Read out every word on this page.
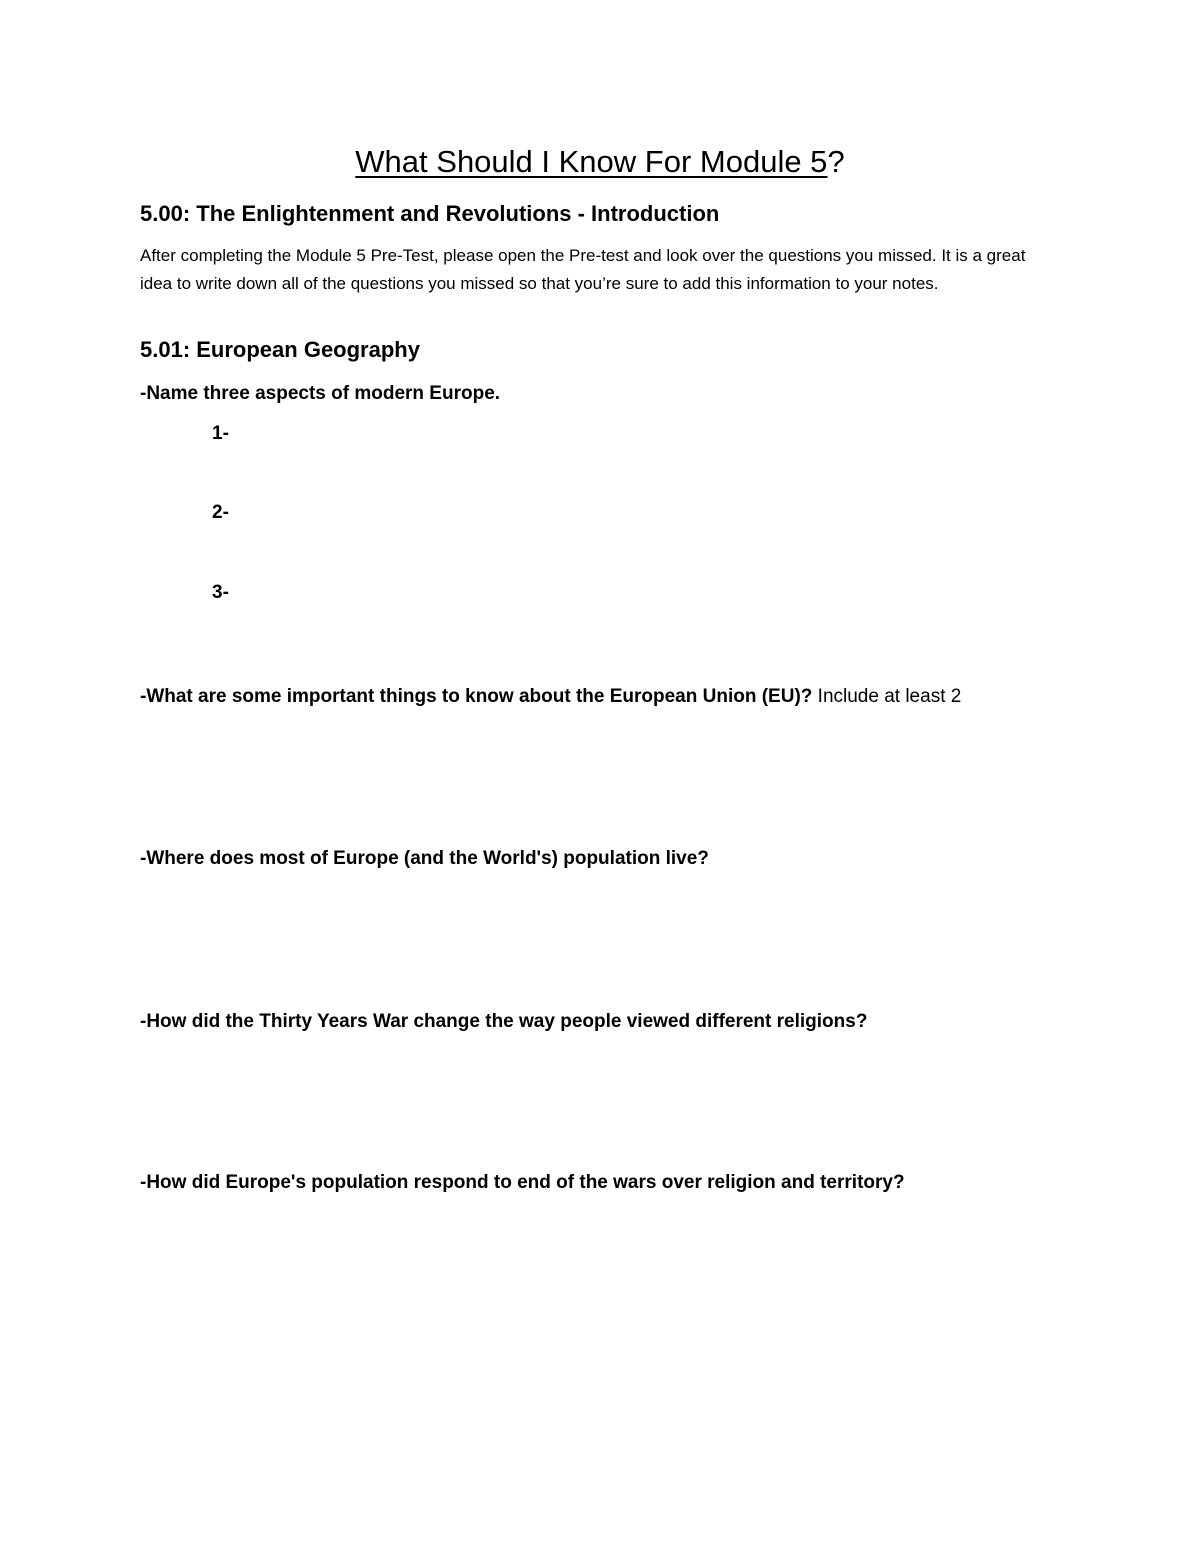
What Should I Know For Module 5?
5.00: The Enlightenment and Revolutions - Introduction

After completing the Module 5 Pre-Test, please open the Pre-test and look over the questions you missed. It is a great idea to write down all of the questions you missed so that you’re sure to add this information to your notes.

5.01: European Geography

-Name three aspects of modern Europe.

1-

2-

3-

-What are some important things to know about the European Union (EU)? Include at least 2

-Where does most of Europe (and the World's) population live?

-How did the Thirty Years War change the way people viewed different religions?

-How did Europe's population respond to end of the wars over religion and territory?
